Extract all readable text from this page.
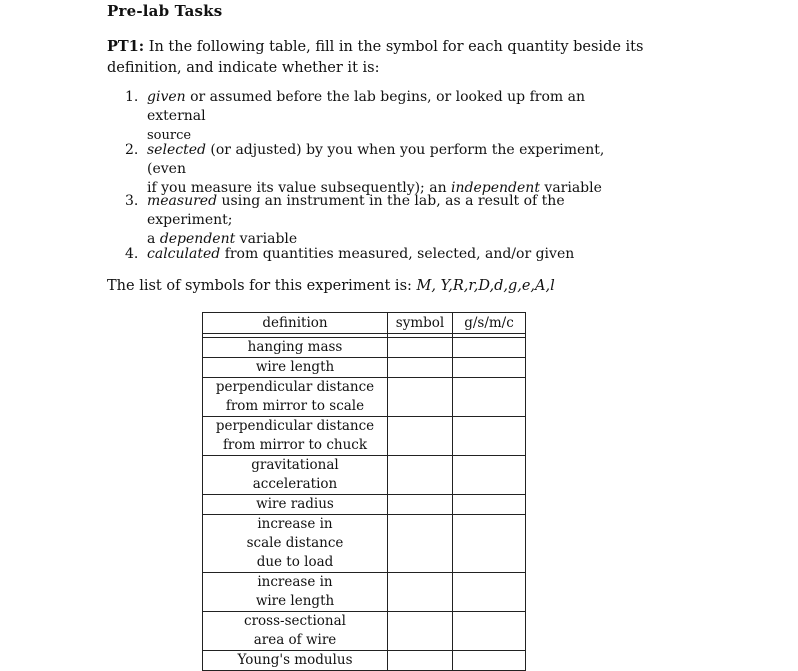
Pre-lab Tasks
PT1: In the following table, fill in the symbol for each quantity beside its definition, and indicate whether it is:
1. given or assumed before the lab begins, or looked up from an external
source
2. selected (or adjusted) by you when you perform the experiment, (even
if you measure its value subsequently); an independent variable
3. measured using an instrument in the lab, as a result of the experiment;
a dependent variable
4. calculated from quantities measured, selected, and/or given
The list of symbols for this experiment is: M, Y,R,r,D,d,g,e,A,l
definition	symbol	g/s/m/c

hanging mass		

wire length		

perpendicular distance
from mirror to scale		

perpendicular distance
from mirror to chuck		

gravitational acceleration		

wire radius		

increase in
scale distance
due to load		

increase in
wire length		

cross-sectional
area of wire		

Young's modulus		
